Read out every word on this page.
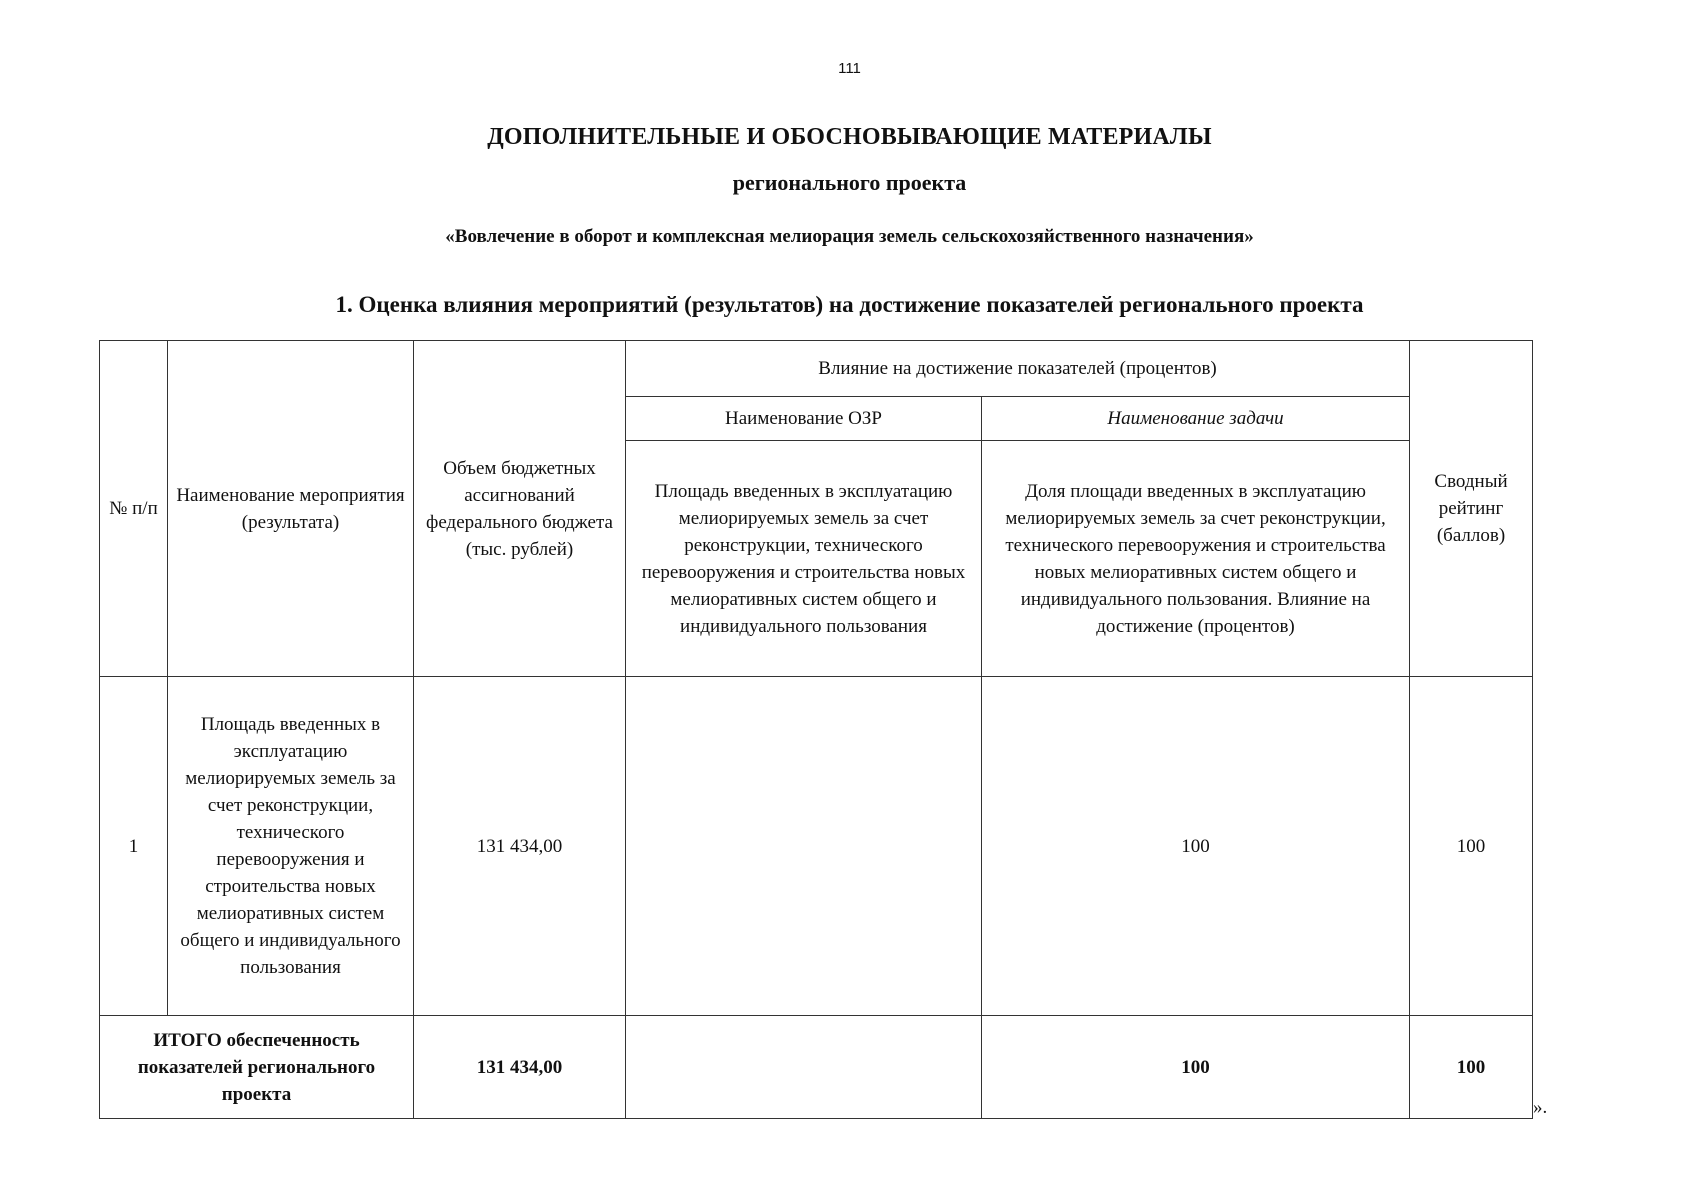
111
ДОПОЛНИТЕЛЬНЫЕ И ОБОСНОВЫВАЮЩИЕ МАТЕРИАЛЫ
регионального проекта
«Вовлечение в оборот и комплексная мелиорация земель сельскохозяйственного назначения»
1. Оценка влияния мероприятий (результатов) на достижение показателей регионального проекта
№ п/п	Наименование мероприятия (результата)	Объем бюджетных ассигнований федерального бюджета (тыс. рублей)	Влияние на достижение показателей (процентов)		Сводный рейтинг (баллов)
			Наименование ОЗР	Наименование задачи	
			Площадь введенных в эксплуатацию мелиорируемых земель за счет реконструкции, технического перевооружения и строительства новых мелиоративных систем общего и индивидуального пользования	Доля площади введенных в эксплуатацию мелиорируемых земель за счет реконструкции, технического перевооружения и строительства новых мелиоративных систем общего и индивидуального пользования. Влияние на достижение (процентов)	
1	Площадь введенных в эксплуатацию мелиорируемых земель за счет реконструкции, технического перевооружения и строительства новых мелиоративных систем общего и индивидуального пользования	131 434,00		100	100
ИТОГО обеспеченность показателей регионального проекта		131 434,00		100	100
».
